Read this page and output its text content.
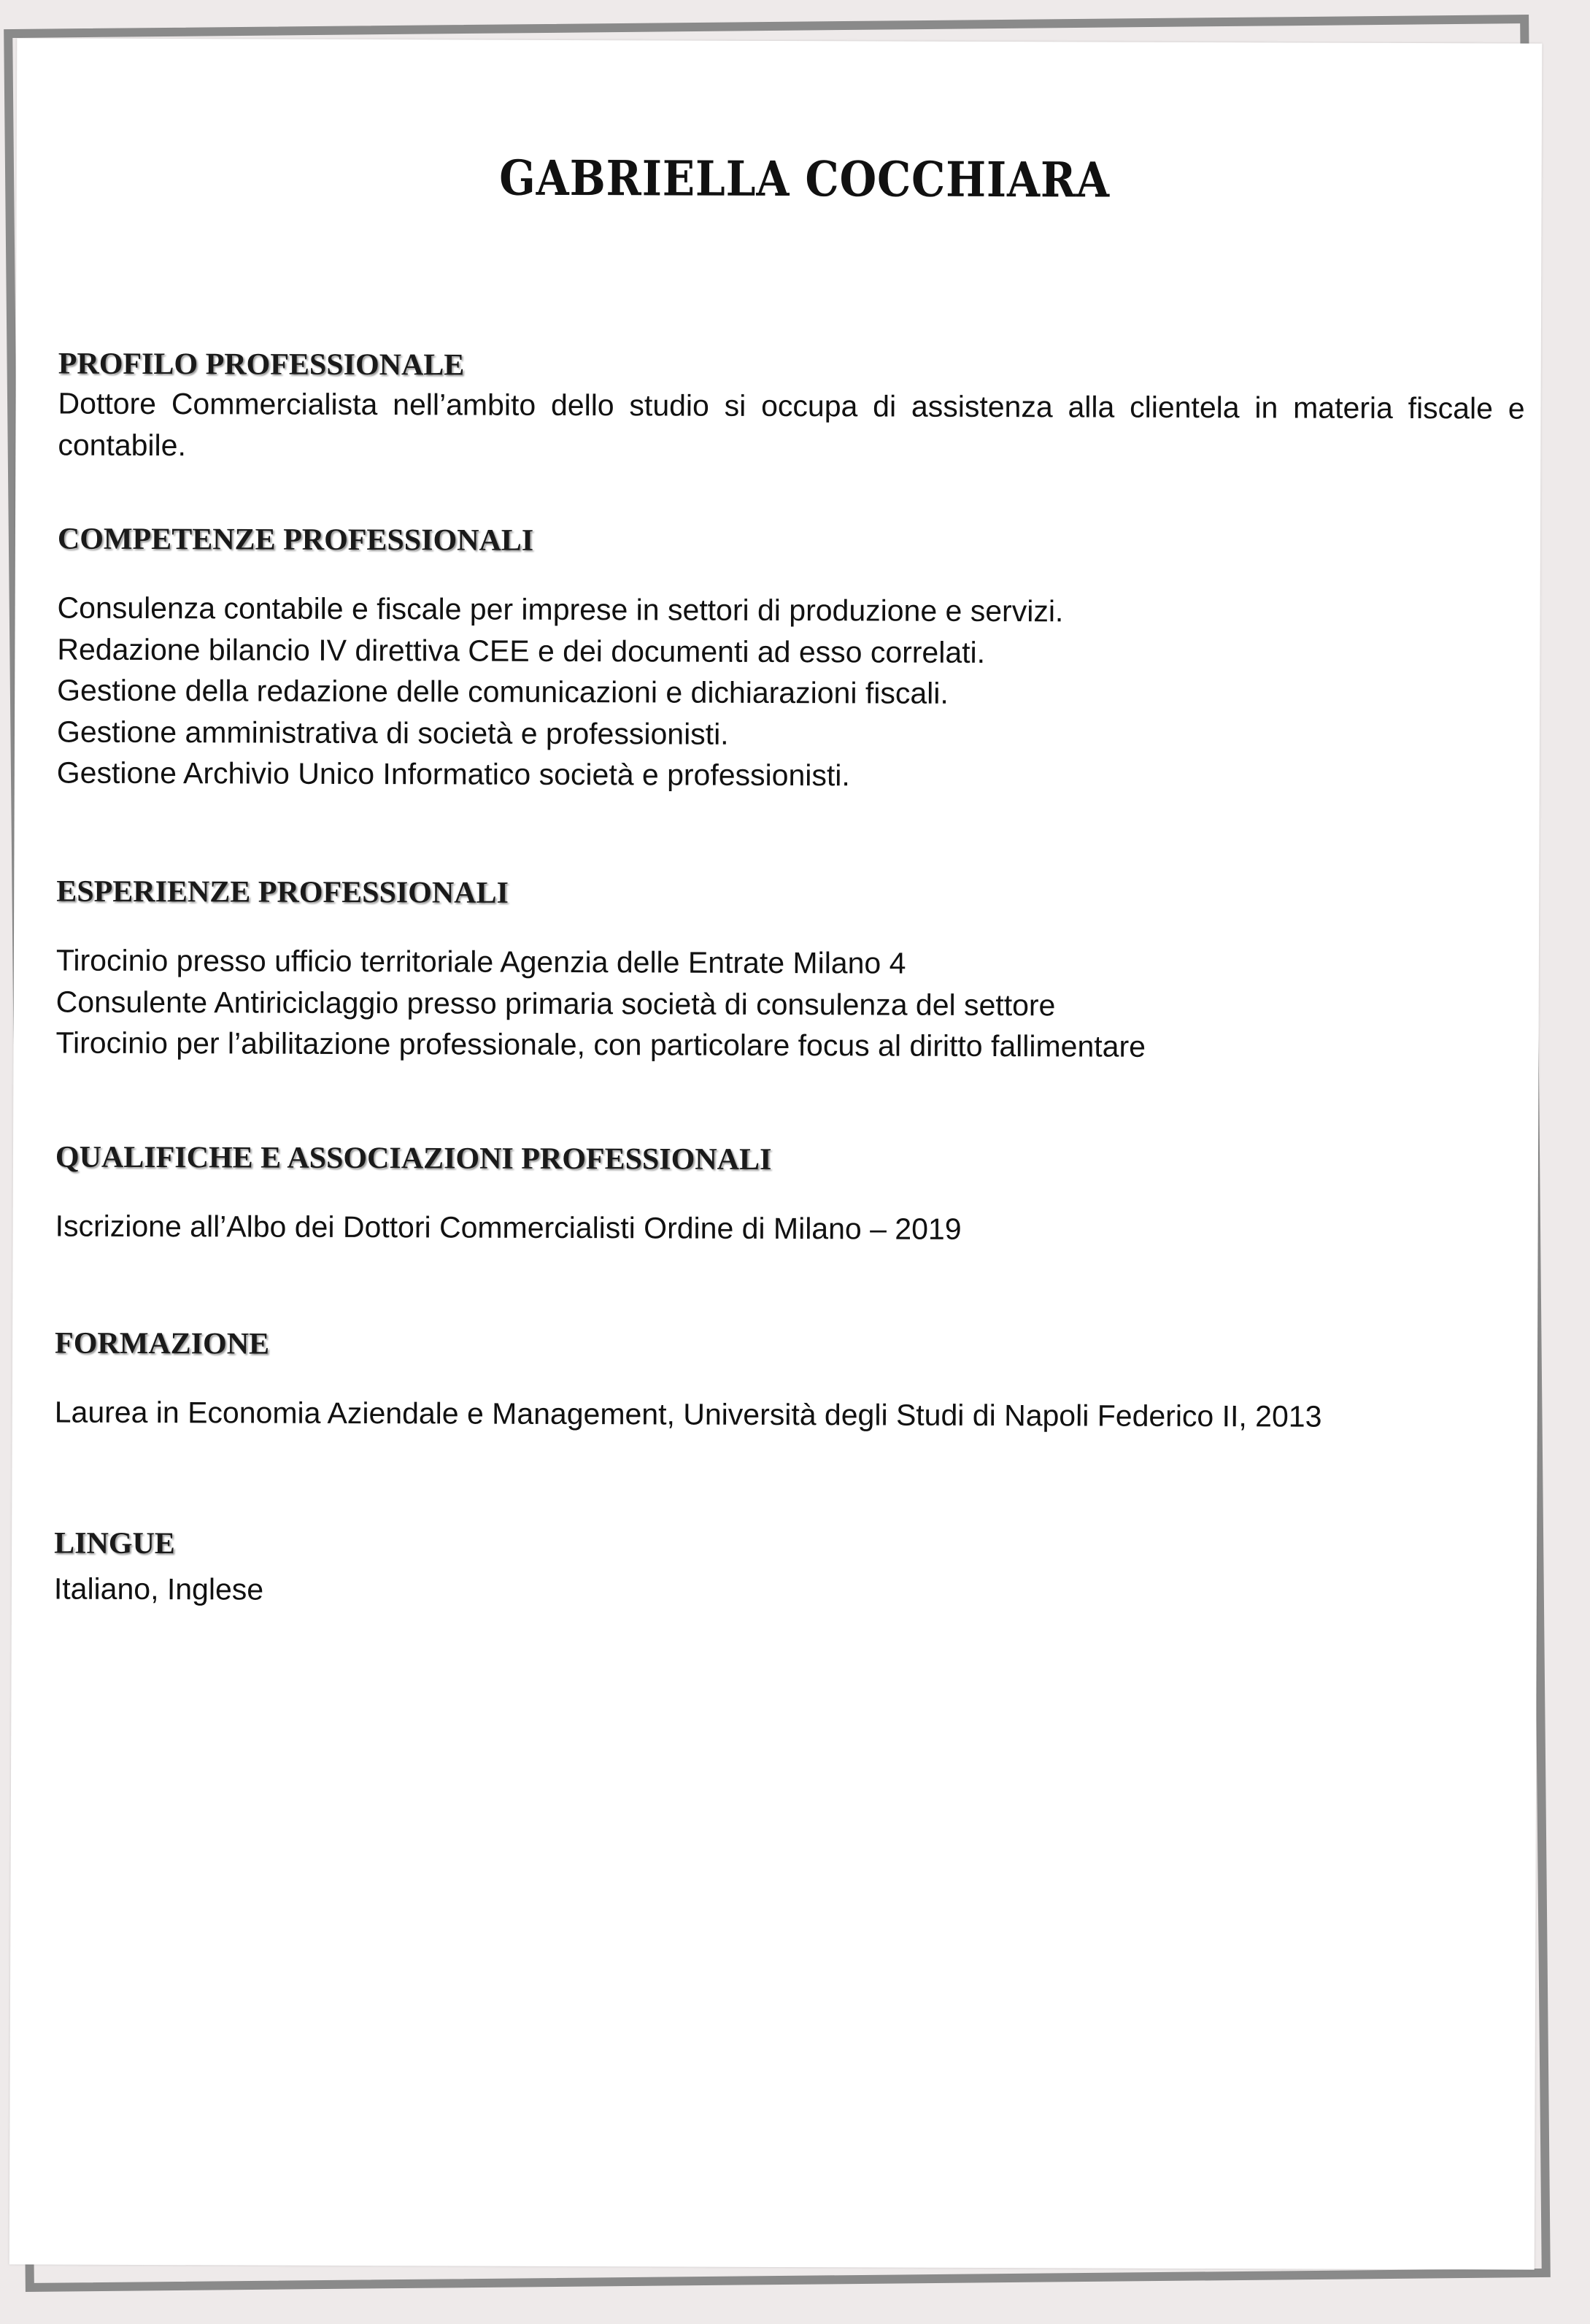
GABRIELLA COCCHIARA
PROFILO PROFESSIONALE

Dottore Commercialista nell’ambito dello studio si occupa di assistenza alla clientela in materia fiscale e contabile.

COMPETENZE PROFESSIONALI
Consulenza contabile e fiscale per imprese in settori di produzione e servizi.
Redazione bilancio IV direttiva CEE e dei documenti ad esso correlati.
Gestione della redazione delle comunicazioni e dichiarazioni fiscali.
Gestione amministrativa di società e professionisti.
Gestione Archivio Unico Informatico società e professionisti.
ESPERIENZE PROFESSIONALI
Tirocinio presso ufficio territoriale Agenzia delle Entrate Milano 4
Consulente Antiriciclaggio presso primaria società di consulenza del settore
Tirocinio per l’abilitazione professionale, con particolare focus al diritto fallimentare
QUALIFICHE E ASSOCIAZIONI PROFESSIONALI

Iscrizione all’Albo dei Dottori Commercialisti Ordine di Milano – 2019

FORMAZIONE

Laurea in Economia Aziendale e Management, Università degli Studi di Napoli Federico II, 2013

LINGUE

Italiano, Inglese
